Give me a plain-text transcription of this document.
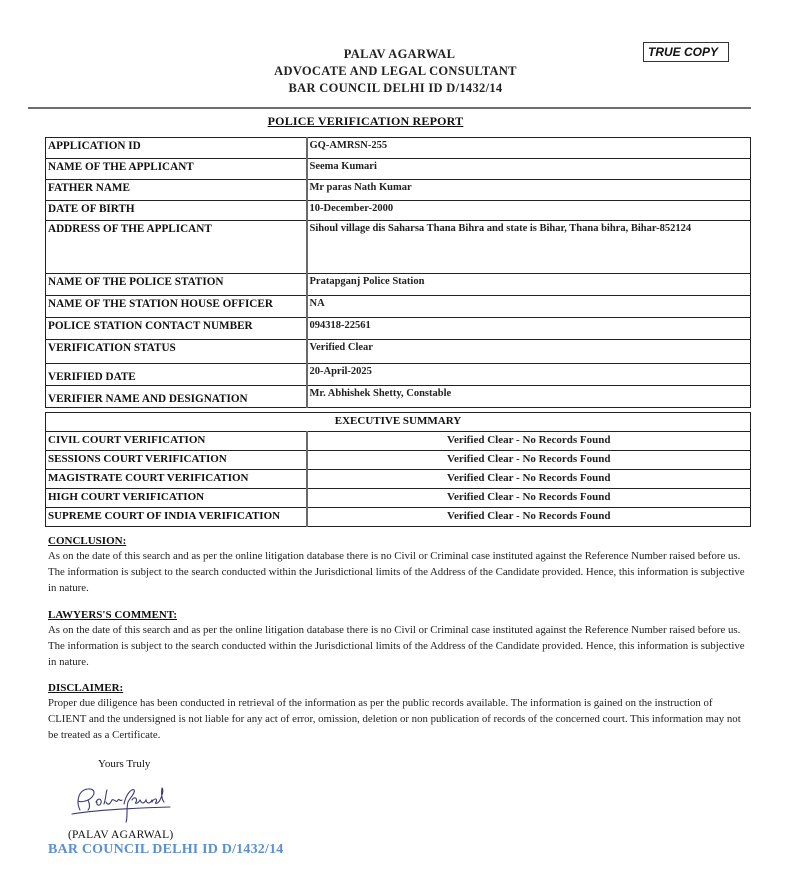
PALAV AGARWAL
ADVOCATE AND LEGAL CONSULTANT
BAR COUNCIL DELHI ID D/1432/14
TRUE COPY
POLICE VERIFICATION REPORT
APPLICATION ID	GQ-AMRSN-255
NAME OF THE APPLICANT	Seema Kumari
FATHER NAME	Mr paras Nath Kumar
DATE OF BIRTH	10-December-2000
ADDRESS OF THE APPLICANT	Sihoul village dis Saharsa Thana Bihra and state is Bihar, Thana bihra, Bihar-852124
NAME OF THE POLICE STATION	Pratapganj Police Station
NAME OF THE STATION HOUSE OFFICER	NA
POLICE STATION CONTACT NUMBER	094318-22561
VERIFICATION STATUS	Verified Clear
VERIFIED DATE	20-April-2025
VERIFIER NAME AND DESIGNATION	Mr. Abhishek Shetty, Constable
EXECUTIVE SUMMARY	
CIVIL COURT VERIFICATION	Verified Clear - No Records Found
SESSIONS COURT VERIFICATION	Verified Clear - No Records Found
MAGISTRATE COURT VERIFICATION	Verified Clear - No Records Found
HIGH COURT VERIFICATION	Verified Clear - No Records Found
SUPREME COURT OF INDIA VERIFICATION	Verified Clear - No Records Found
CONCLUSION:
As on the date of this search and as per the online litigation database there is no Civil or Criminal case instituted against the Reference Number raised before us. The information is subject to the search conducted within the Jurisdictional limits of the Address of the Candidate provided. Hence, this information is subjective in nature.
LAWYERS'S COMMENT:
As on the date of this search and as per the online litigation database there is no Civil or Criminal case instituted against the Reference Number raised before us. The information is subject to the search conducted within the Jurisdictional limits of the Address of the Candidate provided. Hence, this information is subjective in nature.
DISCLAIMER:
Proper due diligence has been conducted in retrieval of the information as per the public records available. The information is gained on the instruction of CLIENT and the undersigned is not liable for any act of error, omission, deletion or non publication of records of the concerned court. This information may not be treated as a Certificate.
Yours Truly
(PALAV AGARWAL)
BAR COUNCIL DELHI ID D/1432/14
